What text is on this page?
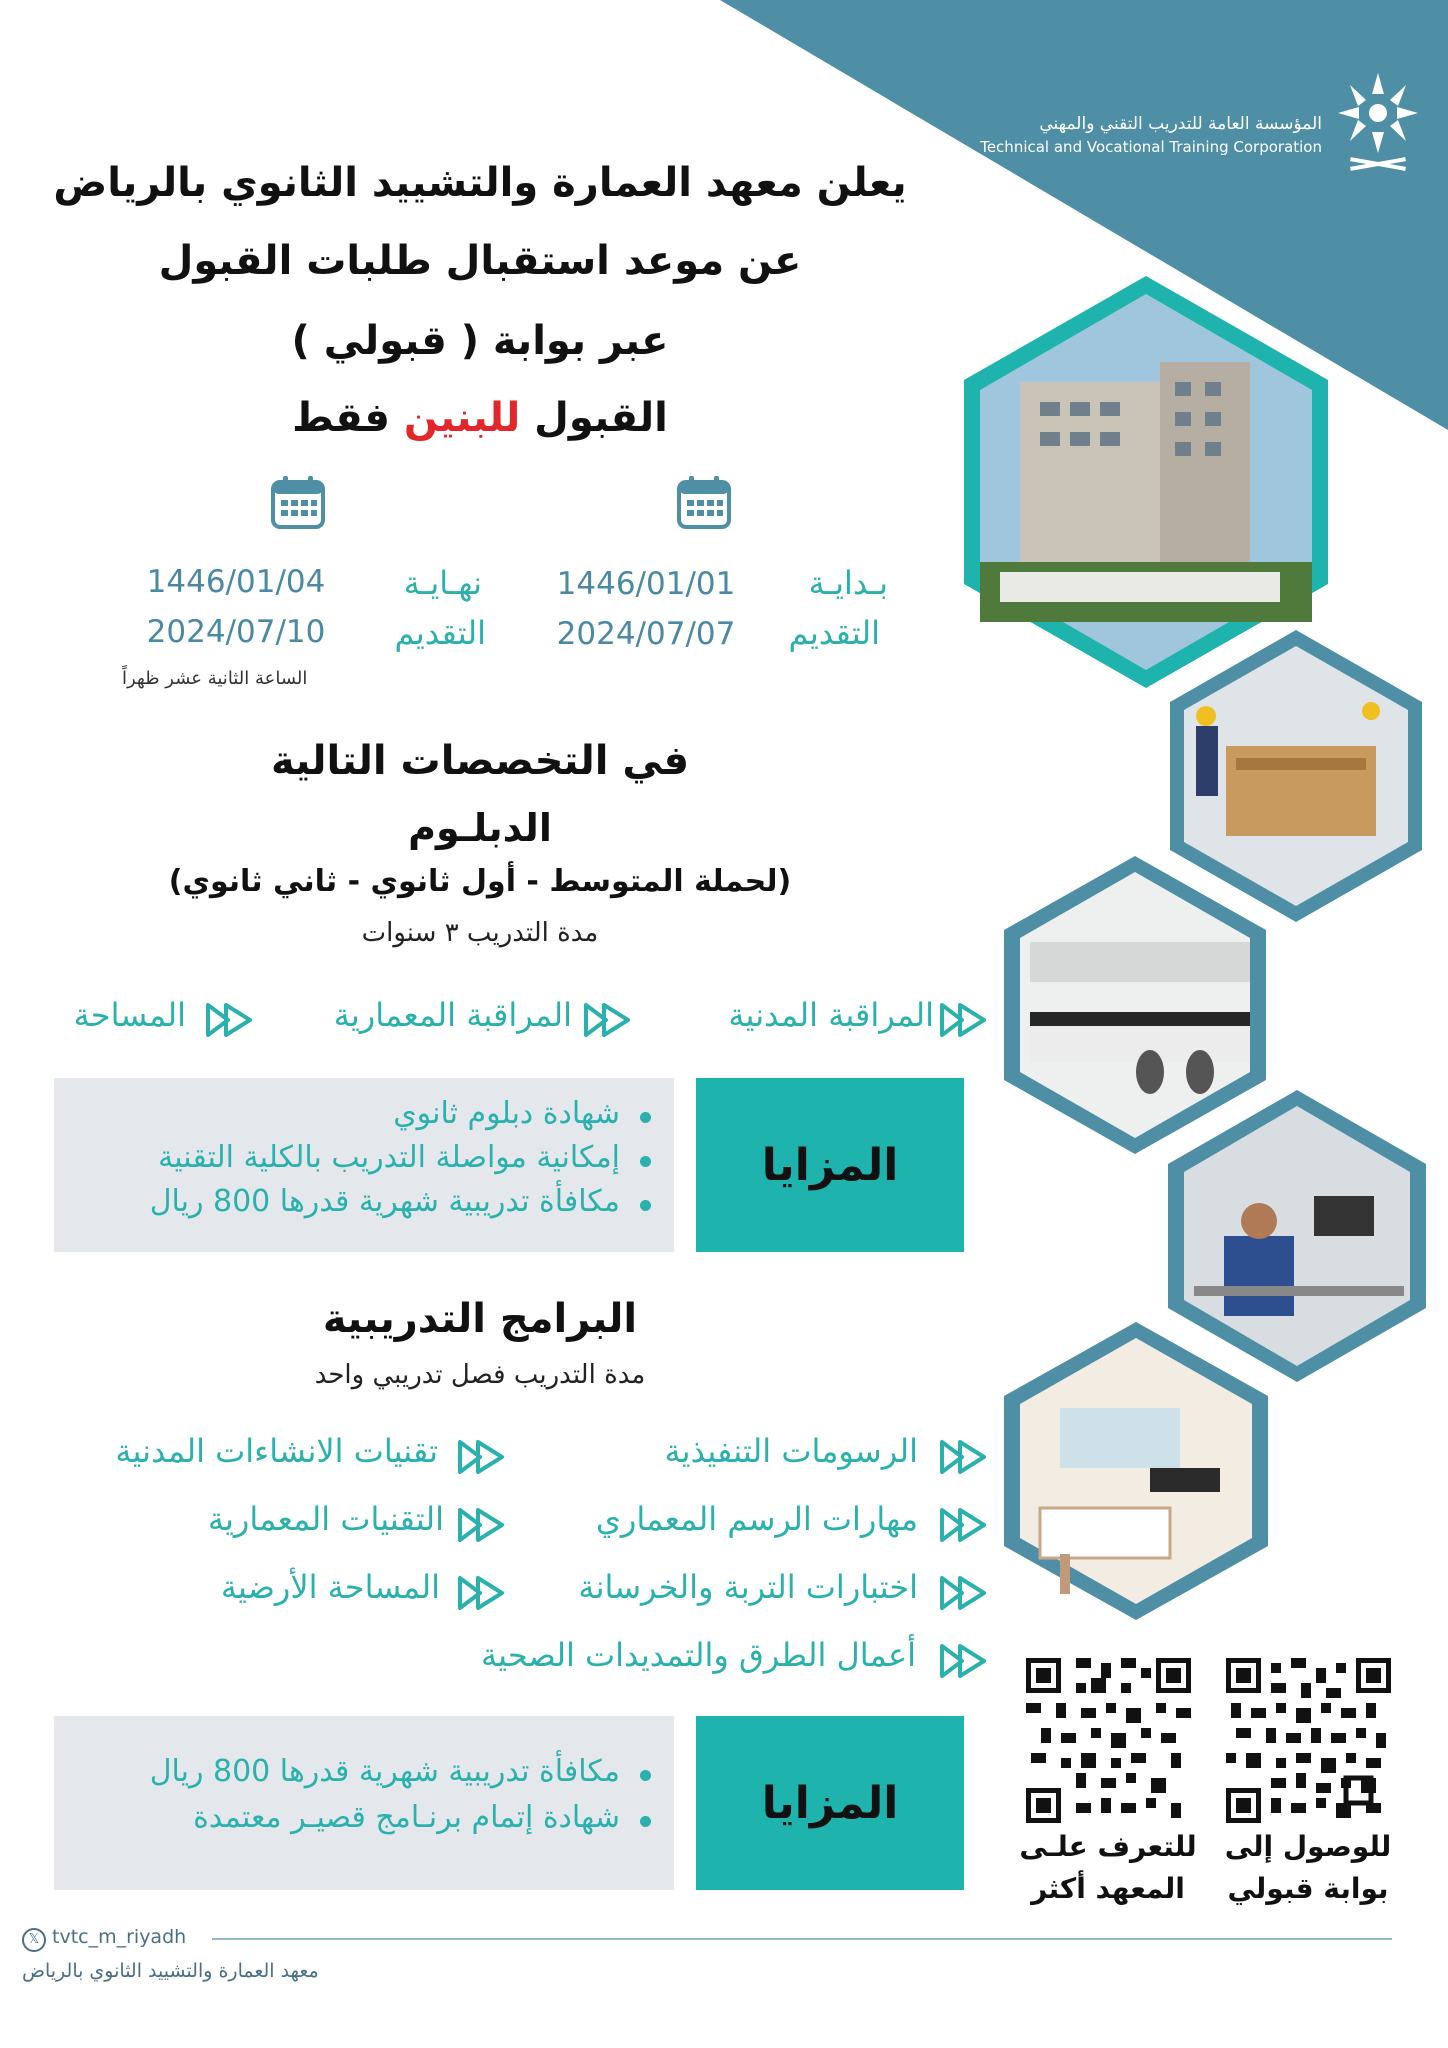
المؤسسة العامة للتدريب التقني والمهني
Technical and Vocational Training Corporation
يعلن معهد العمارة والتشييد الثانوي بالرياض
عن موعد استقبال طلبات القبول
عبر بوابة ( قبولي )
القبول للبنين فقط
بـدايـة
التقديم
1446/01/01
2024/07/07
نهـايـة
التقديم
1446/01/04
2024/07/10
الساعة الثانية عشر ظهراً
في التخصصات التالية
الدبلـوم
(لحملة المتوسط - أول ثانوي - ثاني ثانوي)
مدة التدريب ٣ سنوات
المراقبة المدنية
المراقبة المعمارية
المساحة
المزايا
شهادة دبلوم ثانوي
إمكانية مواصلة التدريب بالكلية التقنية
مكافأة تدريبية شهرية قدرها 800 ريال
البرامج التدريبية
مدة التدريب فصل تدريبي واحد
الرسومات التنفيذية
تقنيات الانشاءات المدنية
مهارات الرسم المعماري
التقنيات المعمارية
اختبارات التربة والخرسانة
المساحة الأرضية
أعمال الطرق والتمديدات الصحية
المزايا
مكافأة تدريبية شهرية قدرها 800 ريال
شهادة إتمام برنـامج قصيـر معتمدة
للوصول إلى
بوابة قبولي
للتعرف علـى
المعهد أكثر
𝕏 tvtc_m_riyadh
معهد العمارة والتشييد الثانوي بالرياض
